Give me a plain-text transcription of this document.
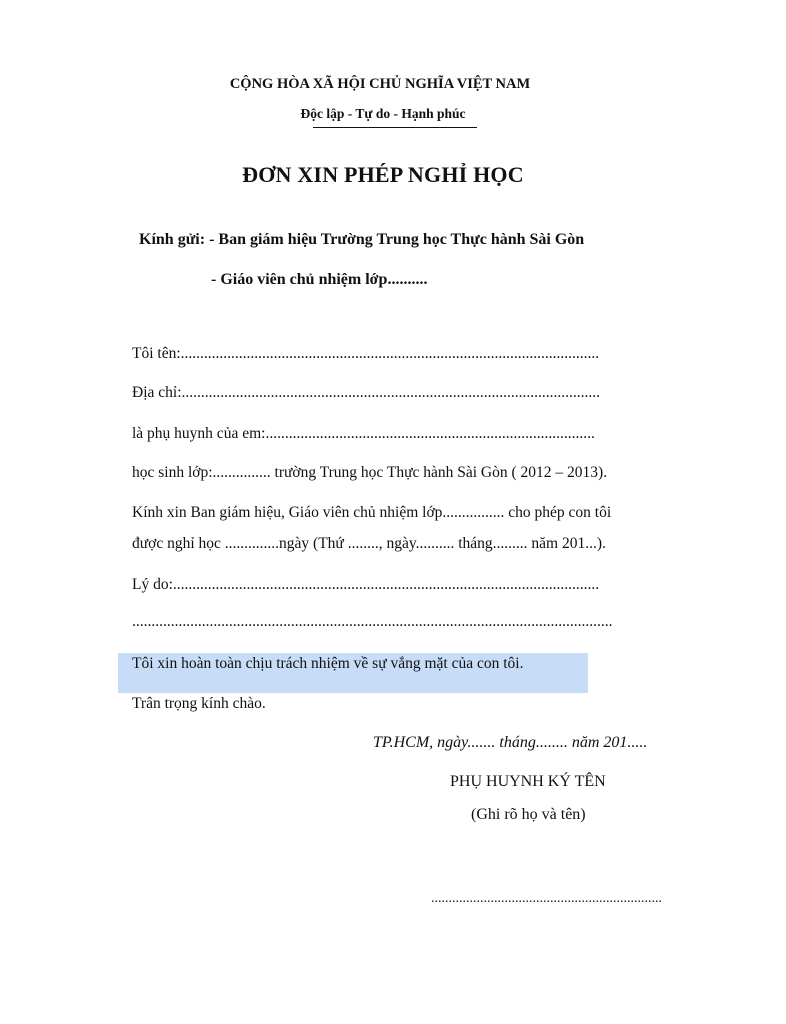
CỘNG HÒA XÃ HỘI CHỦ NGHĨA VIỆT NAM
Độc lập - Tự do - Hạnh phúc
ĐƠN XIN PHÉP NGHỈ HỌC
Kính gửi: - Ban giám hiệu Trường Trung học Thực hành Sài Gòn
- Giáo viên chủ nhiệm lớp..........
Tôi tên:............................................................................................................
Địa chỉ:............................................................................................................
là phụ huynh của em:.....................................................................................
học sinh lớp:............... trường Trung học Thực hành Sài Gòn ( 2012 – 2013).
Kính xin Ban giám hiệu, Giáo viên chủ nhiệm lớp................ cho phép con tôi
được nghỉ học ..............ngày (Thứ ........, ngày.......... tháng......... năm 201...).
Lý do:..............................................................................................................
............................................................................................................................
Tôi xin hoàn toàn chịu trách nhiệm về sự vắng mặt của con tôi.
Trân trọng kính chào.
TP.HCM, ngày....... tháng........ năm 201.....
PHỤ HUYNH KÝ TÊN
(Ghi rõ họ và tên)
..................................................................
